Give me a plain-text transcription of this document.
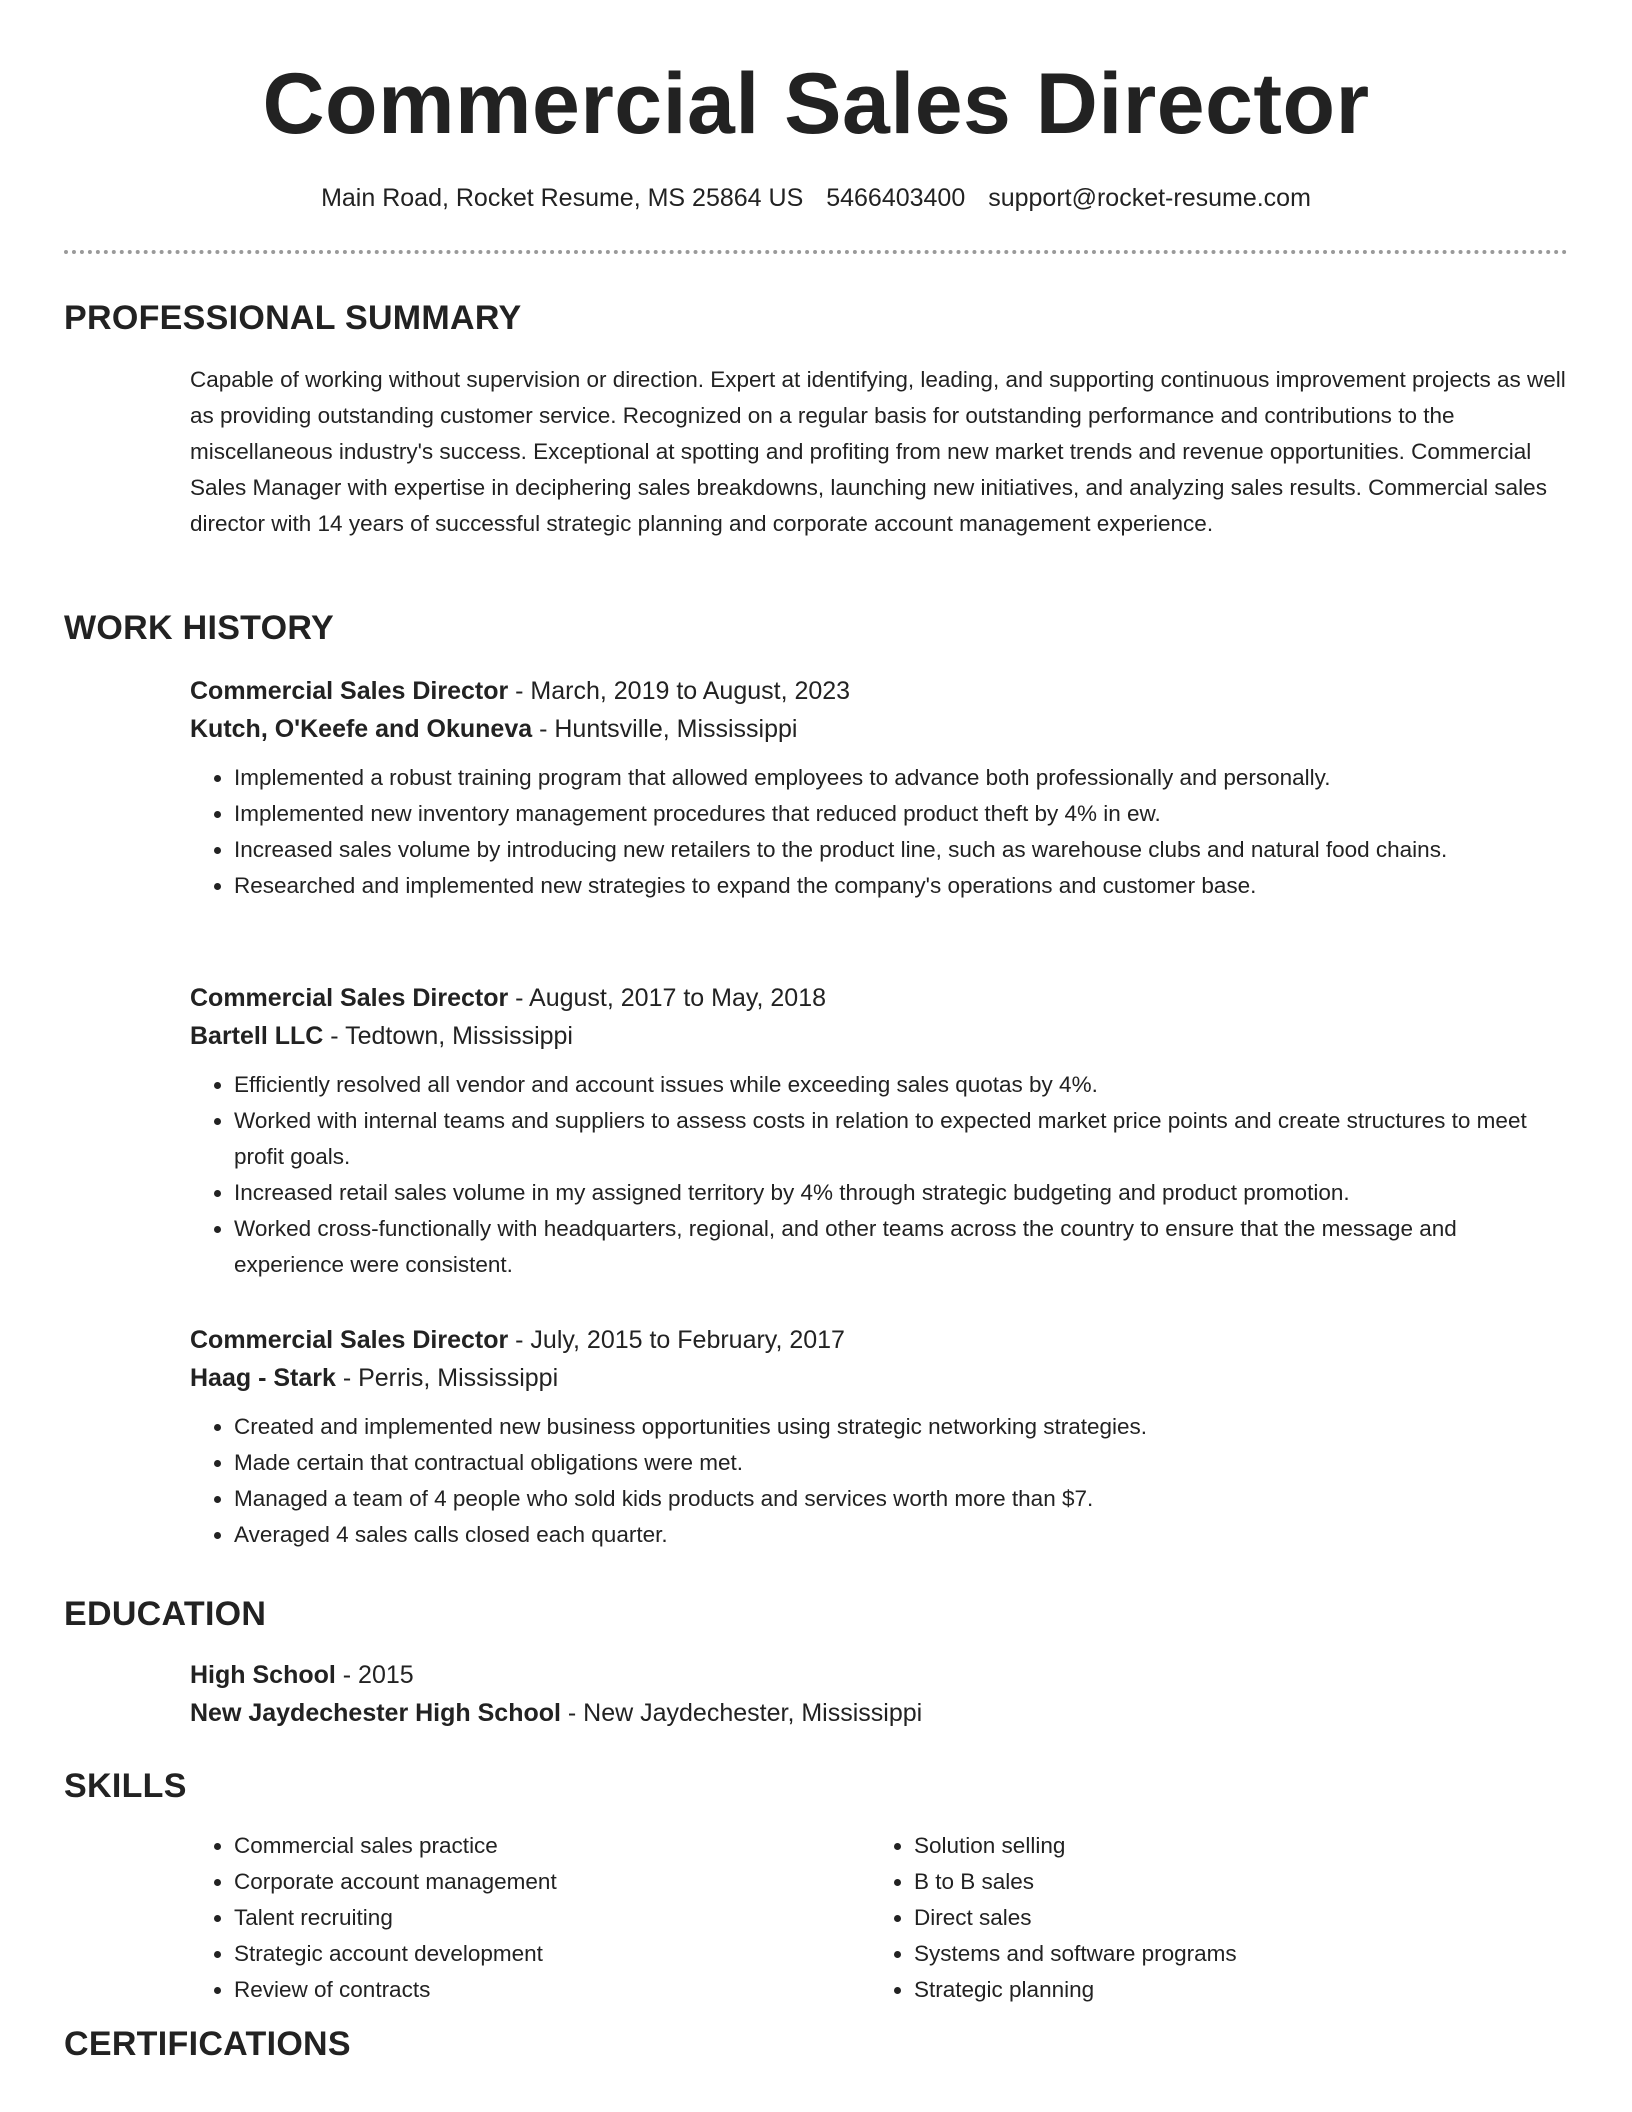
Commercial Sales Director
Main Road, Rocket Resume, MS 25864 US 5466403400 support@rocket-resume.com
PROFESSIONAL SUMMARY

Capable of working without supervision or direction. Expert at identifying, leading, and supporting continuous improvement projects as well as providing outstanding customer service. Recognized on a regular basis for outstanding performance and contributions to the miscellaneous industry's success. Exceptional at spotting and profiting from new market trends and revenue opportunities. Commercial Sales Manager with expertise in deciphering sales breakdowns, launching new initiatives, and analyzing sales results. Commercial sales director with 14 years of successful strategic planning and corporate account management experience.

WORK HISTORY

Commercial Sales Director - March, 2019 to August, 2023

Kutch, O'Keefe and Okuneva - Huntsville, Mississippi

• Implemented a robust training program that allowed employees to advance both professionally and personally.
• Implemented new inventory management procedures that reduced product theft by 4% in ew.
• Increased sales volume by introducing new retailers to the product line, such as warehouse clubs and natural food chains.
• Researched and implemented new strategies to expand the company's operations and customer base.

Commercial Sales Director - August, 2017 to May, 2018

Bartell LLC - Tedtown, Mississippi

• Efficiently resolved all vendor and account issues while exceeding sales quotas by 4%.
• Worked with internal teams and suppliers to assess costs in relation to expected market price points and create structures to meet profit goals.
• Increased retail sales volume in my assigned territory by 4% through strategic budgeting and product promotion.
• Worked cross-functionally with headquarters, regional, and other teams across the country to ensure that the message and experience were consistent.

Commercial Sales Director - July, 2015 to February, 2017

Haag - Stark - Perris, Mississippi

• Created and implemented new business opportunities using strategic networking strategies.
• Made certain that contractual obligations were met.
• Managed a team of 4 people who sold kids products and services worth more than $7.
• Averaged 4 sales calls closed each quarter.
EDUCATION

High School - 2015

New Jaydechester High School - New Jaydechester, Mississippi

SKILLS
• Commercial sales practice
• Corporate account management
• Talent recruiting
• Strategic account development
• Review of contracts
• Solution selling
• B to B sales
• Direct sales
• Systems and software programs
• Strategic planning
CERTIFICATIONS
